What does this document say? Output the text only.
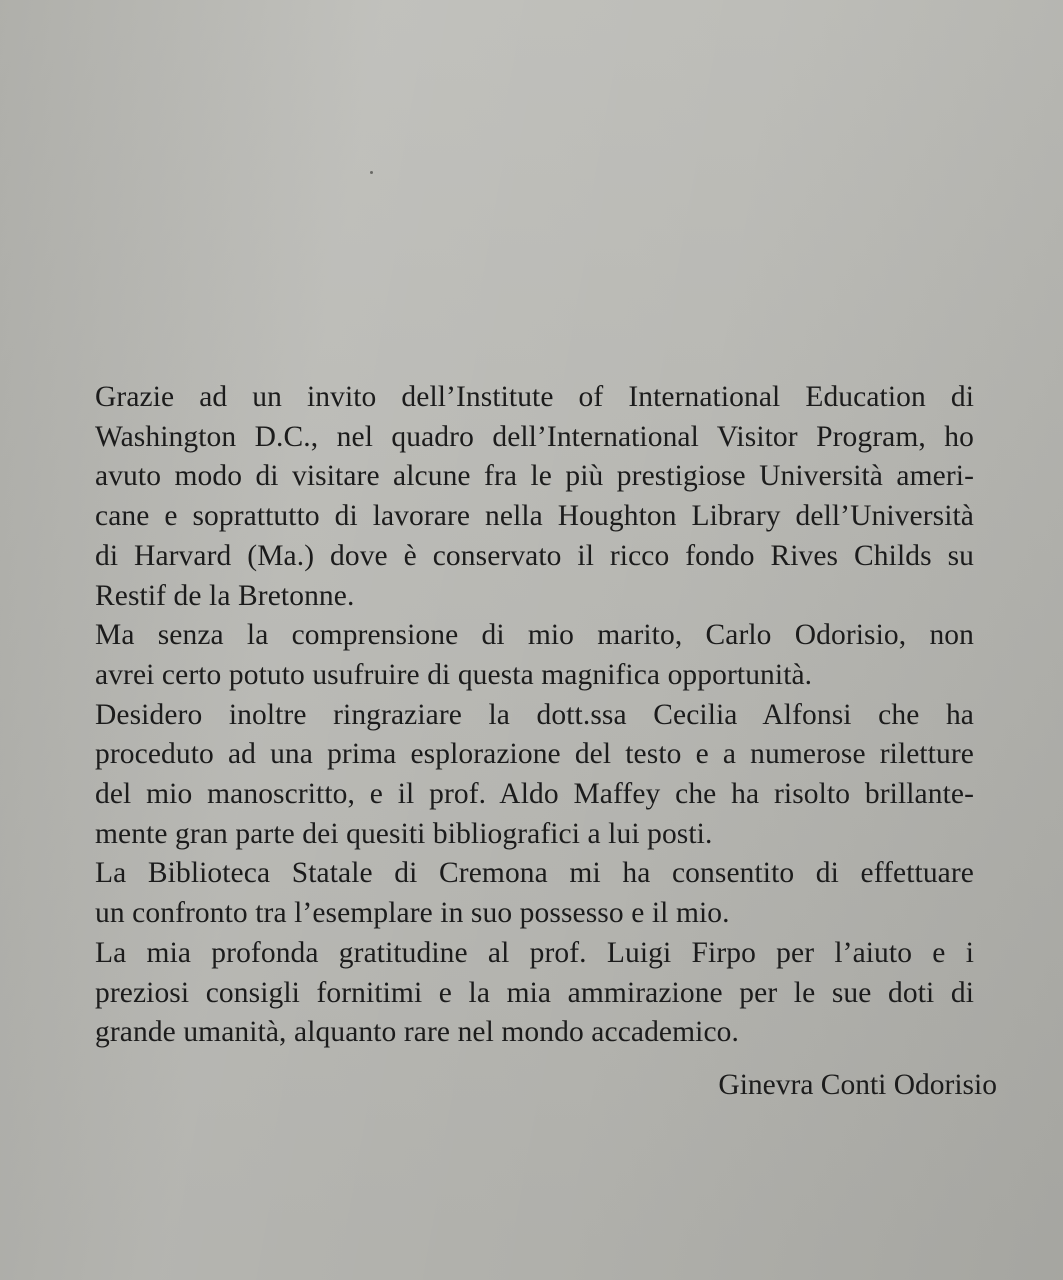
Grazie ad un invito dell’Institute of International Education di
Washington D.C., nel quadro dell’International Visitor Program, ho
avuto modo di visitare alcune fra le più prestigiose Università ameri-
cane e soprattutto di lavorare nella Houghton Library dell’Università
di Harvard (Ma.) dove è conservato il ricco fondo Rives Childs su
Restif de la Bretonne.

Ma senza la comprensione di mio marito, Carlo Odorisio, non
avrei certo potuto usufruire di questa magnifica opportunità.

Desidero inoltre ringraziare la dott.ssa Cecilia Alfonsi che ha
proceduto ad una prima esplorazione del testo e a numerose riletture
del mio manoscritto, e il prof. Aldo Maffey che ha risolto brillante-
mente gran parte dei quesiti bibliografici a lui posti.

La Biblioteca Statale di Cremona mi ha consentito di effettuare
un confronto tra l’esemplare in suo possesso e il mio.

La mia profonda gratitudine al prof. Luigi Firpo per l’aiuto e i
preziosi consigli fornitimi e la mia ammirazione per le sue doti di
grande umanità, alquanto rare nel mondo accademico.

Ginevra Conti Odorisio
